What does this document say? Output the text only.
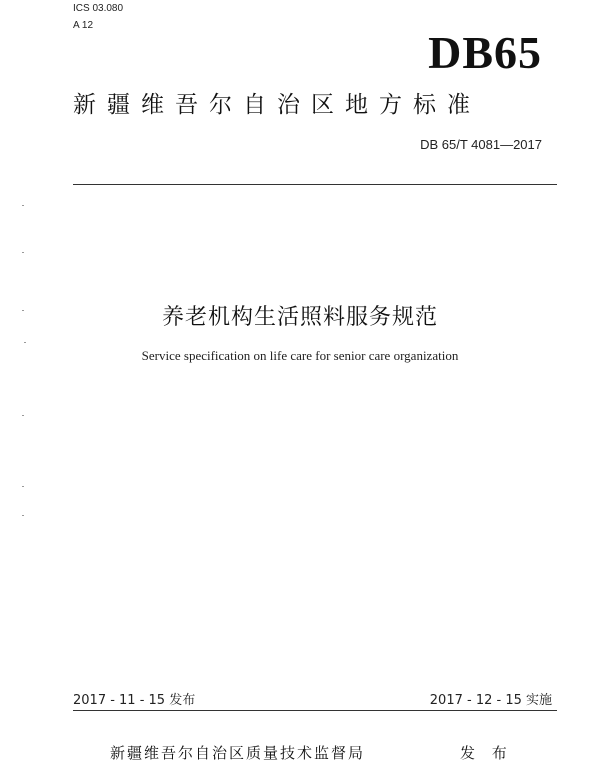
ICS 03.080
A 12
DB65
新疆维吾尔自治区地方标准
DB 65/T 4081—2017
养老机构生活照料服务规范
Service specification on life care for senior care organization
2017 - 11 - 15 发布	2017 - 12 - 15 实施
新疆维吾尔自治区质量技术监督局	发 布
